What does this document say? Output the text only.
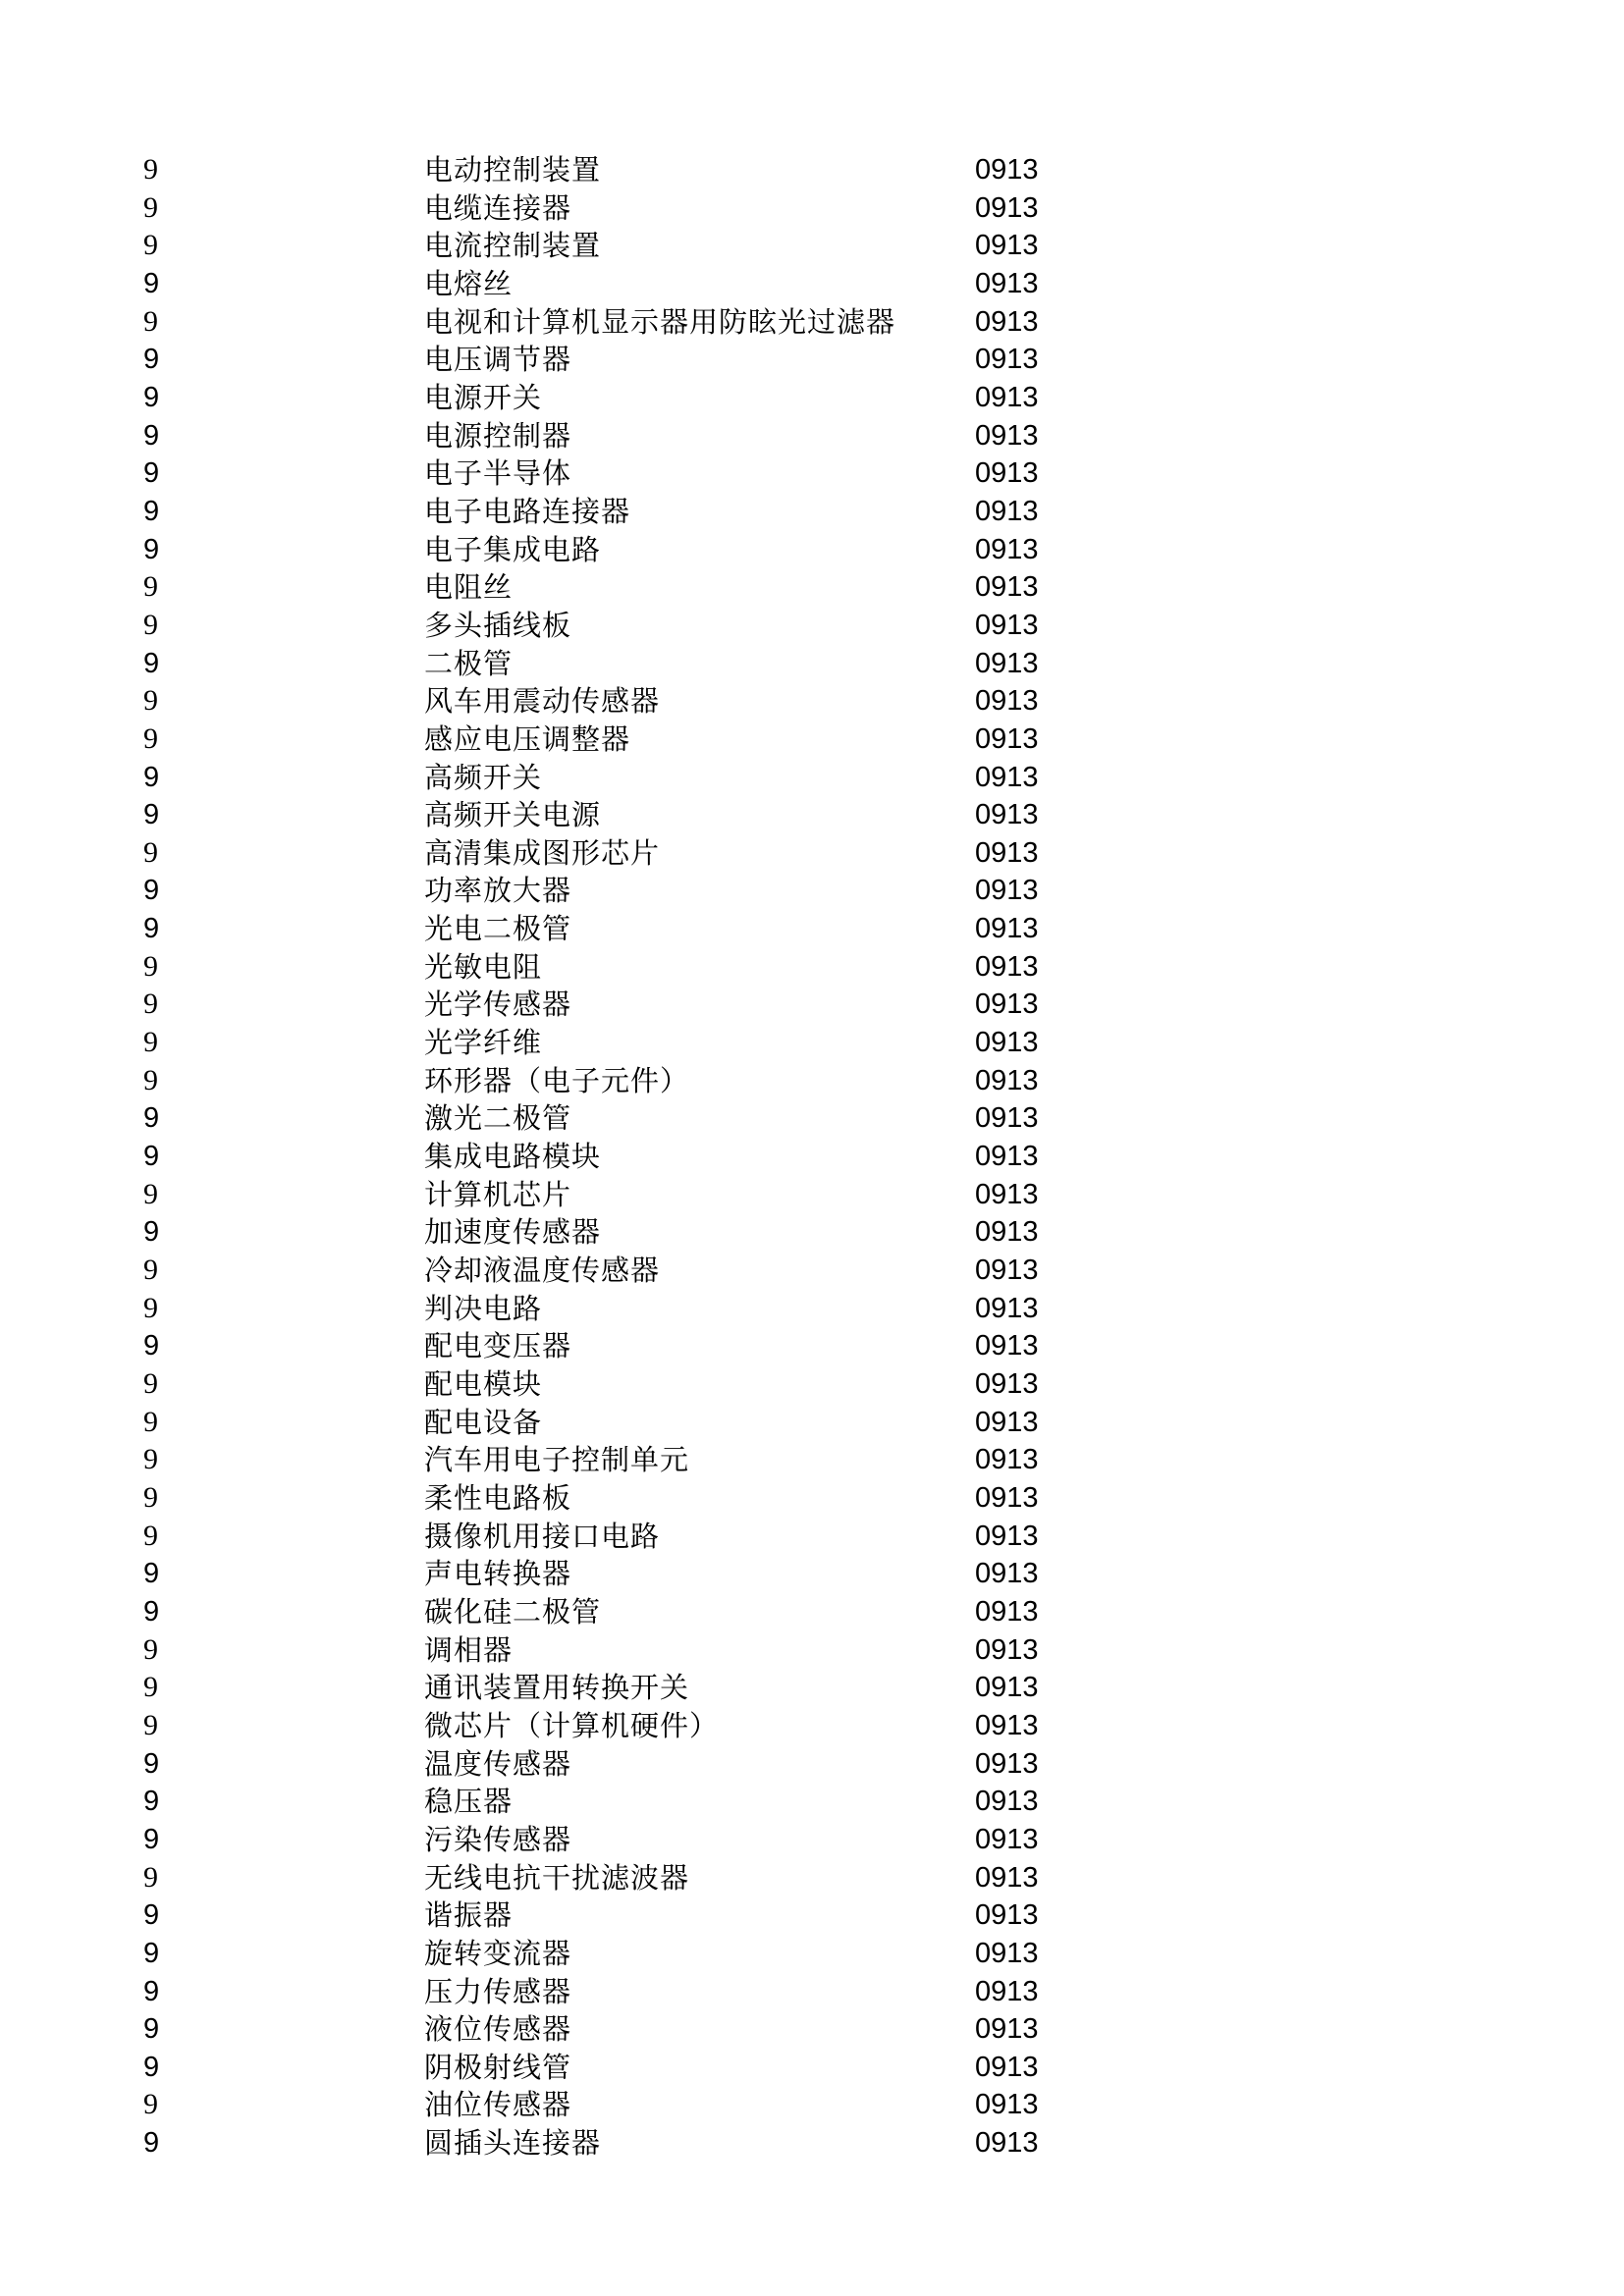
9	电动控制装置	0913
9	电缆连接器	0913
9	电流控制装置	0913
9	电熔丝	0913
9	电视和计算机显示器用防眩光过滤器	0913
9	电压调节器	0913
9	电源开关	0913
9	电源控制器	0913
9	电子半导体	0913
9	电子电路连接器	0913
9	电子集成电路	0913
9	电阻丝	0913
9	多头插线板	0913
9	二极管	0913
9	风车用震动传感器	0913
9	感应电压调整器	0913
9	高频开关	0913
9	高频开关电源	0913
9	高清集成图形芯片	0913
9	功率放大器	0913
9	光电二极管	0913
9	光敏电阻	0913
9	光学传感器	0913
9	光学纤维	0913
9	环形器（电子元件）	0913
9	激光二极管	0913
9	集成电路模块	0913
9	计算机芯片	0913
9	加速度传感器	0913
9	冷却液温度传感器	0913
9	判决电路	0913
9	配电变压器	0913
9	配电模块	0913
9	配电设备	0913
9	汽车用电子控制单元	0913
9	柔性电路板	0913
9	摄像机用接口电路	0913
9	声电转换器	0913
9	碳化硅二极管	0913
9	调相器	0913
9	通讯装置用转换开关	0913
9	微芯片（计算机硬件）	0913
9	温度传感器	0913
9	稳压器	0913
9	污染传感器	0913
9	无线电抗干扰滤波器	0913
9	谐振器	0913
9	旋转变流器	0913
9	压力传感器	0913
9	液位传感器	0913
9	阴极射线管	0913
9	油位传感器	0913
9	圆插头连接器	0913
